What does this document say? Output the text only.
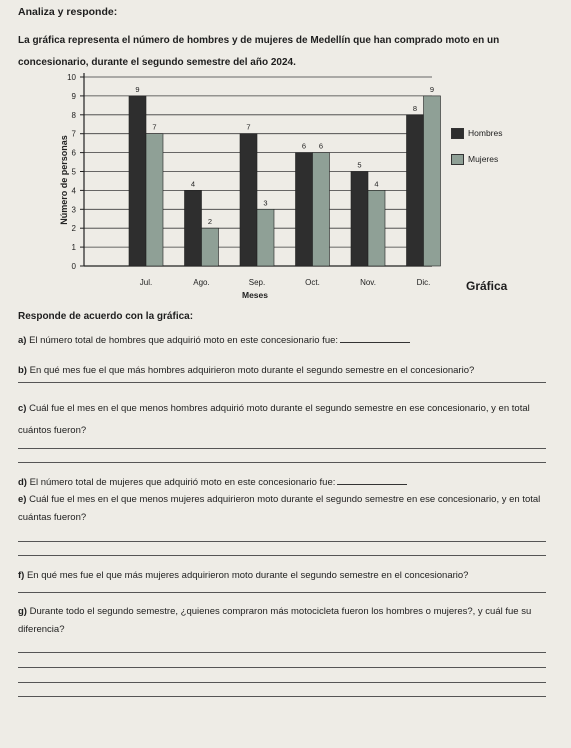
Analiza y responde:
La gráfica representa el número de hombres y de mujeres de Medellín que han comprado moto en un concesionario, durante el segundo semestre del año 2024.
0
1
2
3
4
5
6
7
8
9
10
9
7
Jul.
4
2
Ago.
7
3
Sep.
6 6
Oct.
5
4
Nov.
8
9
Dic.
Meses
Número de personas
Hombres
Mujeres
Gráfica
Responde de acuerdo con la gráfica:
a) El número total de hombres que adquirió moto en este concesionario fue:
b) En qué mes fue el que más hombres adquirieron moto durante el segundo semestre en el concesionario?
c) Cuál fue el mes en el que menos hombres adquirió moto durante el segundo semestre en ese concesionario, y en total cuántos fueron?
d) El número total de mujeres que adquirió moto en este concesionario fue:
e) Cuál fue el mes en el que menos mujeres adquirieron moto durante el segundo semestre en ese concesionario, y en total cuántas fueron?
f) En qué mes fue el que más mujeres adquirieron moto durante el segundo semestre en el concesionario?
g) Durante todo el segundo semestre, ¿quienes compraron más motocicleta fueron los hombres o mujeres?, y cuál fue su diferencia?
